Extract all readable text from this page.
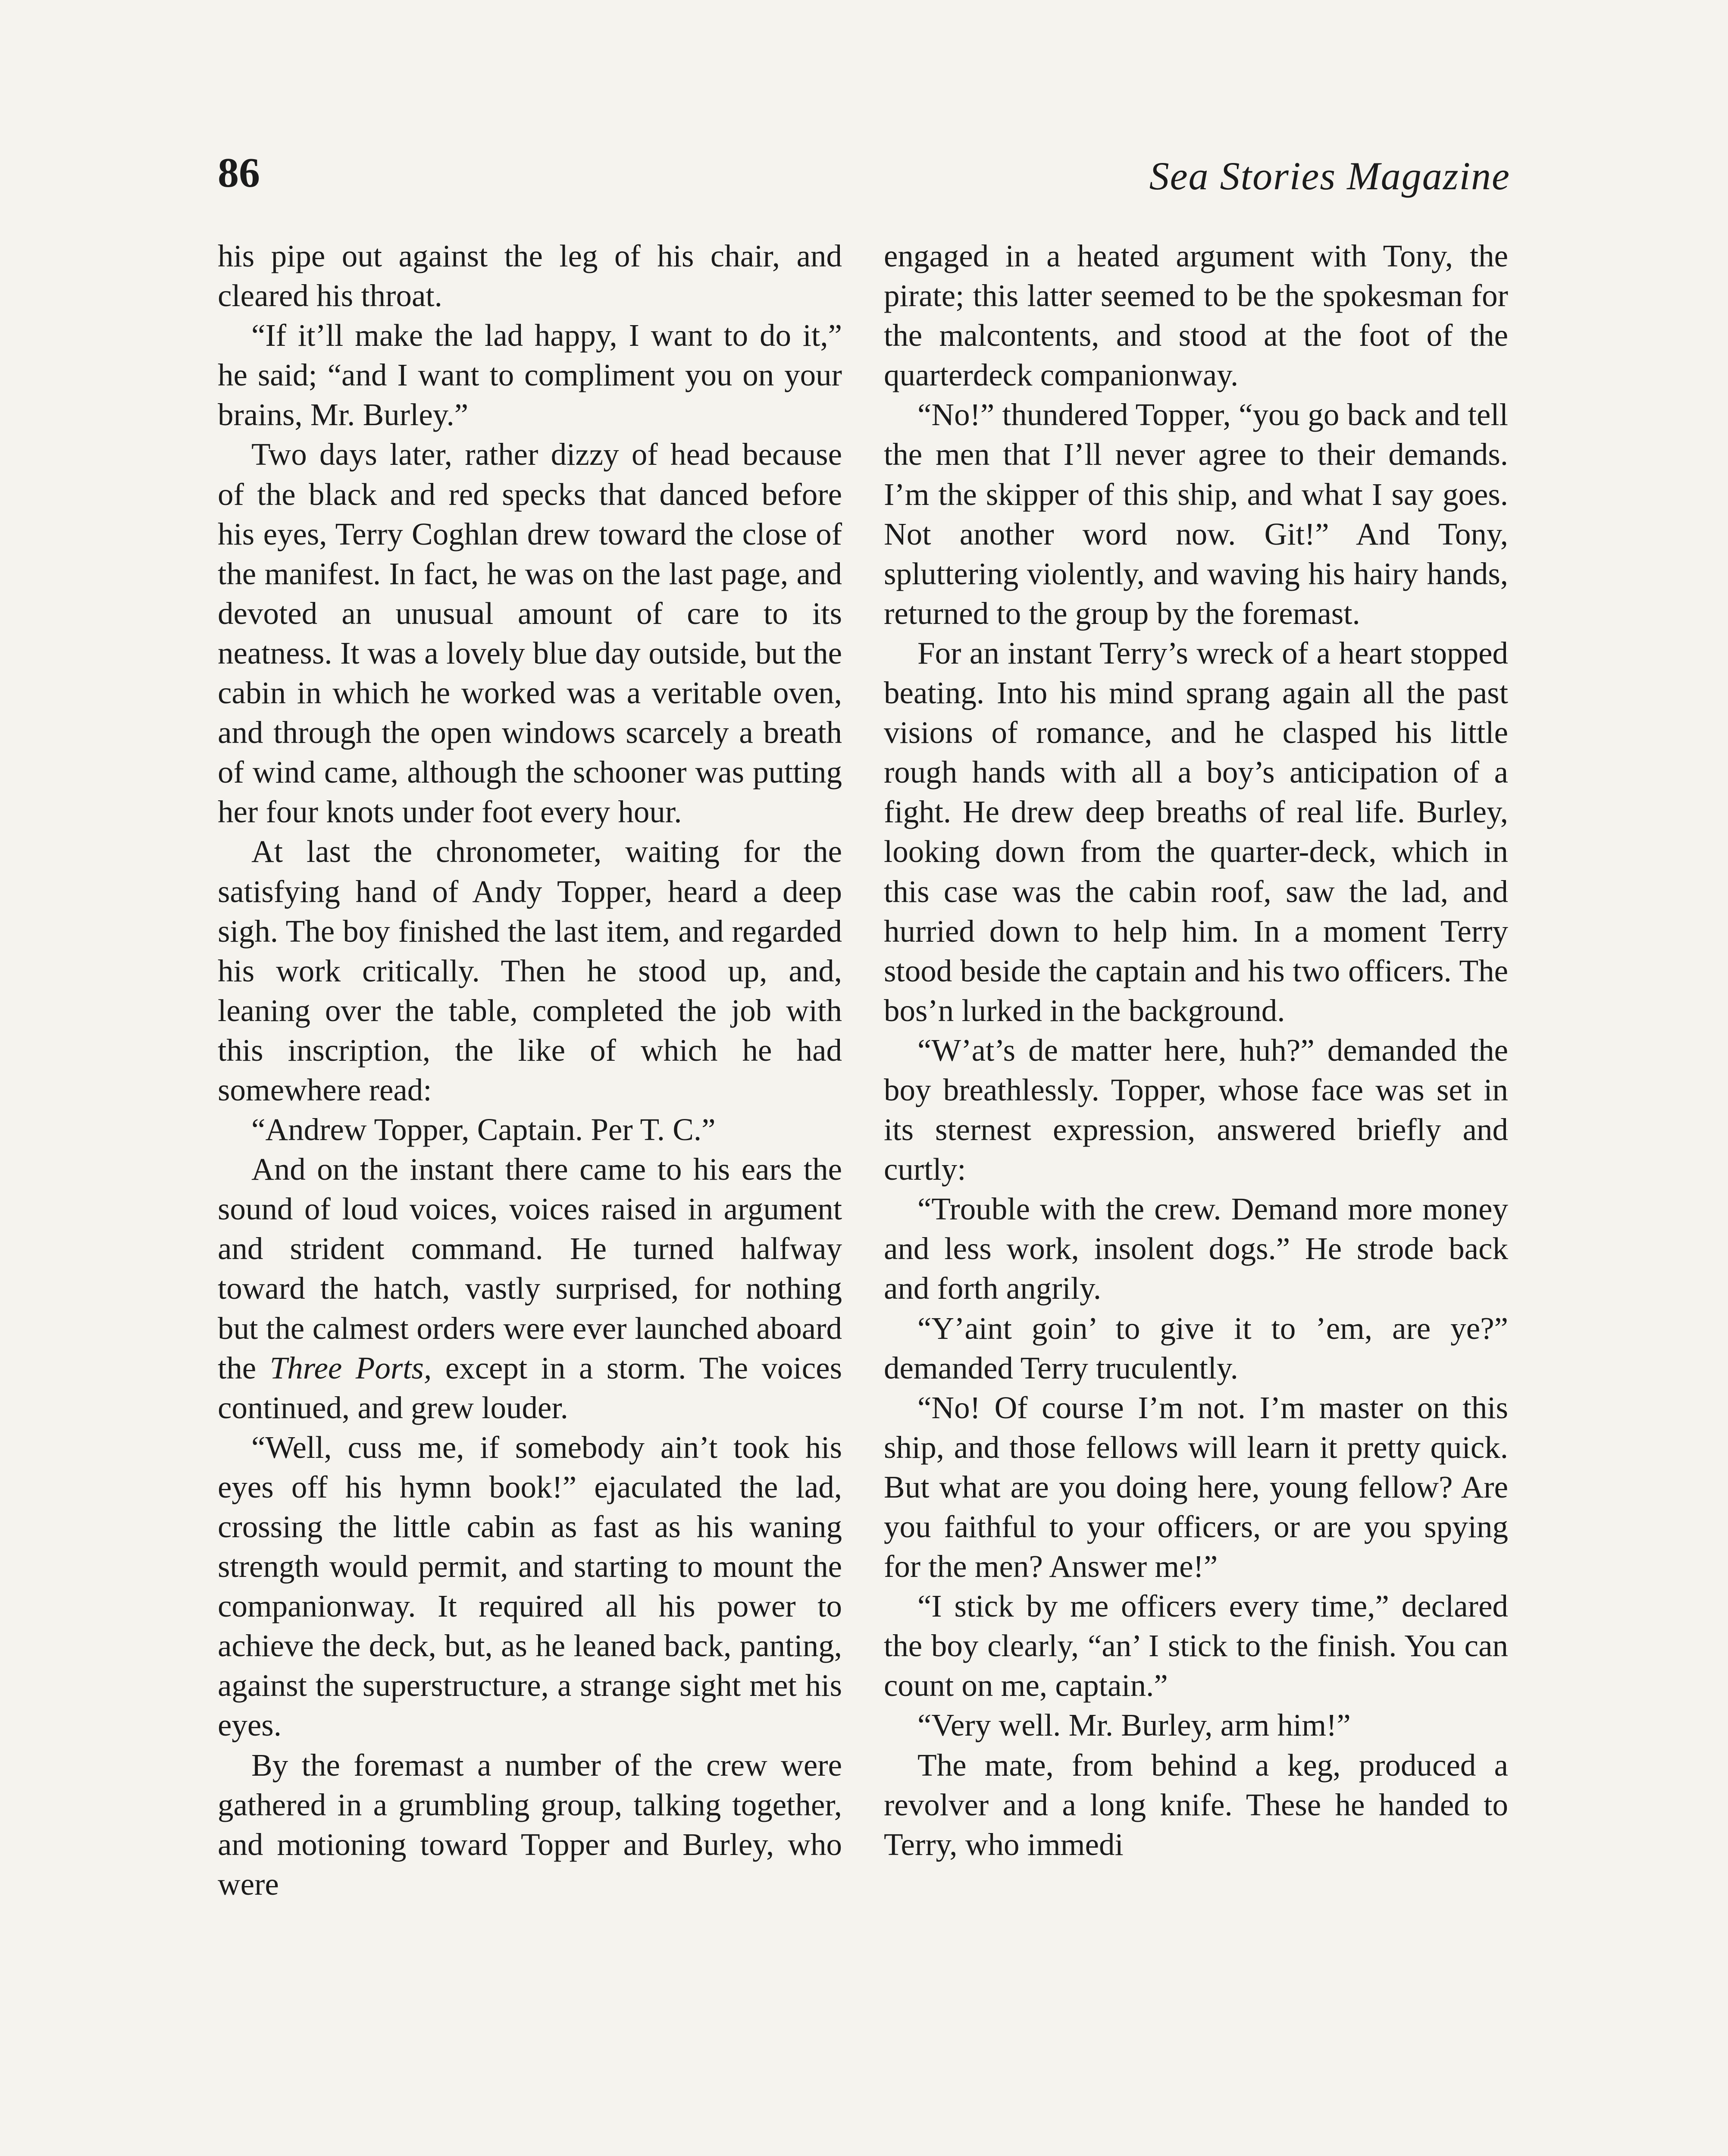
86	Sea Stories Magazine

his pipe out against the leg of his chair, and cleared his throat.

“If it’ll make the lad happy, I want to do it,” he said; “and I want to compliment you on your brains, Mr. Burley.”

Two days later, rather dizzy of head because of the black and red specks that danced before his eyes, Terry Coghlan drew toward the close of the manifest. In fact, he was on the last page, and devoted an unusual amount of care to its neatness. It was a lovely blue day outside, but the cabin in which he worked was a veritable oven, and through the open windows scarcely a breath of wind came, although the schooner was putting her four knots under foot every hour.

At last the chronometer, waiting for the satisfying hand of Andy Topper, heard a deep sigh. The boy finished the last item, and regarded his work critically. Then he stood up, and, leaning over the table, completed the job with this inscription, the like of which he had somewhere read:

“Andrew Topper, Captain. Per T. C.”

And on the instant there came to his ears the sound of loud voices, voices raised in argument and strident command. He turned halfway toward the hatch, vastly surprised, for nothing but the calmest orders were ever launched aboard the Three Ports, except in a storm. The voices continued, and grew louder.

“Well, cuss me, if somebody ain’t took his eyes off his hymn book!” ejaculated the lad, crossing the little cabin as fast as his waning strength would permit, and starting to mount the companionway. It required all his power to achieve the deck, but, as he leaned back, panting, against the superstructure, a strange sight met his eyes.

By the foremast a number of the crew were gathered in a grumbling group, talking together, and motioning toward Topper and Burley, who were

engaged in a heated argument with Tony, the pirate; this latter seemed to be the spokesman for the malcontents, and stood at the foot of the quarterdeck companionway.

“No!” thundered Topper, “you go back and tell the men that I’ll never agree to their demands. I’m the skipper of this ship, and what I say goes. Not another word now. Git!” And Tony, spluttering violently, and waving his hairy hands, returned to the group by the foremast.

For an instant Terry’s wreck of a heart stopped beating. Into his mind sprang again all the past visions of romance, and he clasped his little rough hands with all a boy’s anticipation of a fight. He drew deep breaths of real life. Burley, looking down from the quarter-deck, which in this case was the cabin roof, saw the lad, and hurried down to help him. In a moment Terry stood beside the captain and his two officers. The bos’n lurked in the background.

“W’at’s de matter here, huh?” demanded the boy breathlessly. Topper, whose face was set in its sternest expression, answered briefly and curtly:

“Trouble with the crew. Demand more money and less work, insolent dogs.” He strode back and forth angrily.

“Y’aint goin’ to give it to ’em, are ye?” demanded Terry truculently.

“No! Of course I’m not. I’m master on this ship, and those fellows will learn it pretty quick. But what are you doing here, young fellow? Are you faithful to your officers, or are you spying for the men? Answer me!”

“I stick by me officers every time,” declared the boy clearly, “an’ I stick to the finish. You can count on me, captain.”

“Very well. Mr. Burley, arm him!”

The mate, from behind a keg, produced a revolver and a long knife. These he handed to Terry, who immedi
